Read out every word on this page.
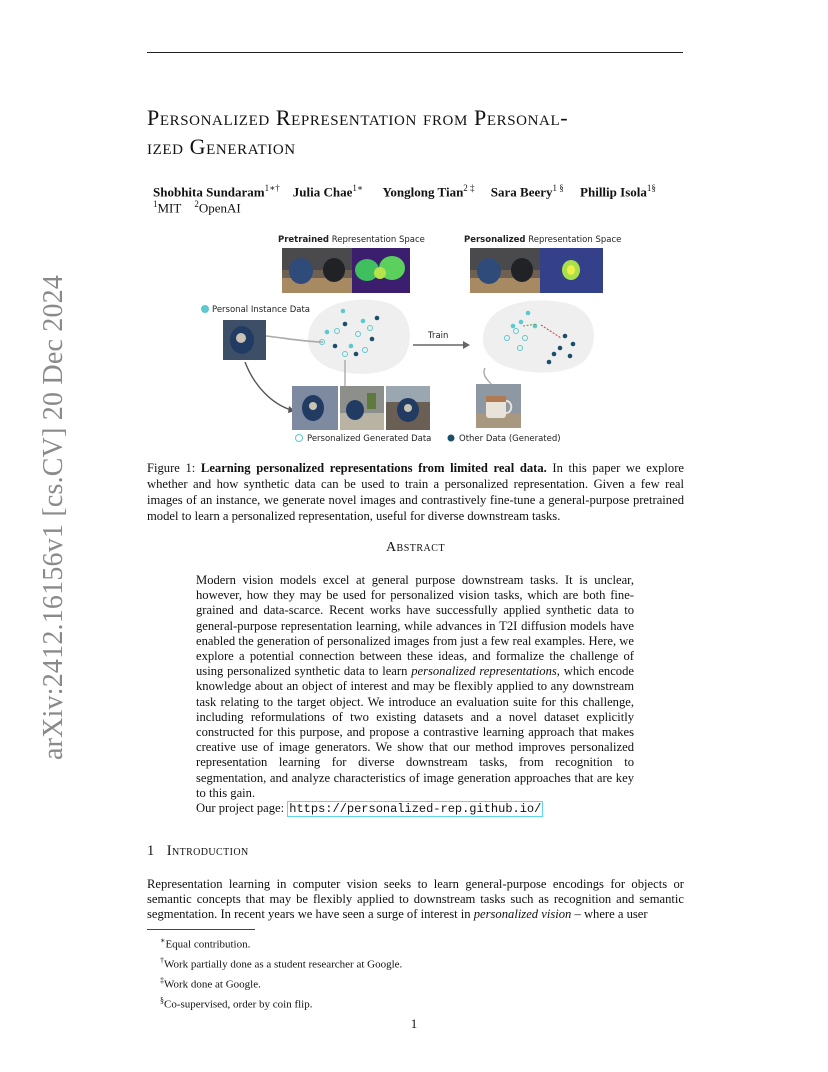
arXiv:2412.16156v1 [cs.CV] 20 Dec 2024
Personalized Representation from Personal-
ized Generation
Shobhita Sundaram$^{1∗\dagger}$ Julia Chae$^{1∗}$ Yonglong Tian$^{2 \ddagger}$ Sara Beery$^{1 \S}$ Phillip Isola$^{1\S}$
$^1$MIT $^2$OpenAI
Pretrained Representation Space	Personalized Representation Space
Personal Instance Data
Train
Personalized Generated Data	Other Data (Generated)
Figure 1: Learning personalized representations from limited real data. In this paper we explore whether and how synthetic data can be used to train a personalized representation. Given a few real images of an instance, we generate novel images and contrastively fine-tune a general-purpose pretrained model to learn a personalized representation, useful for diverse downstream tasks.
Abstract
Modern vision models excel at general purpose downstream tasks. It is unclear, however, how they may be used for personalized vision tasks, which are both fine-grained and data-scarce. Recent works have successfully applied synthetic data to general-purpose representation learning, while advances in T2I diffusion models have enabled the generation of personalized images from just a few real examples. Here, we explore a potential connection between these ideas, and formalize the challenge of using personalized synthetic data to learn personalized representations, which encode knowledge about an object of interest and may be flexibly applied to any downstream task relating to the target object. We introduce an evaluation suite for this challenge, including reformulations of two existing datasets and a novel dataset explicitly constructed for this purpose, and propose a contrastive learning approach that makes creative use of image generators. We show that our method improves personalized representation learning for diverse downstream tasks, from recognition to segmentation, and analyze characteristics of image generation approaches that are key to this gain.
Our project page: https://personalized-rep.github.io/
1 Introduction
Representation learning in computer vision seeks to learn general-purpose encodings for objects or semantic concepts that may be flexibly applied to downstream tasks such as recognition and semantic segmentation. In recent years we have seen a surge of interest in personalized vision – where a user
∗Equal contribution.
†Work partially done as a student researcher at Google.
‡Work done at Google.
§Co-supervised, order by coin flip.
1
